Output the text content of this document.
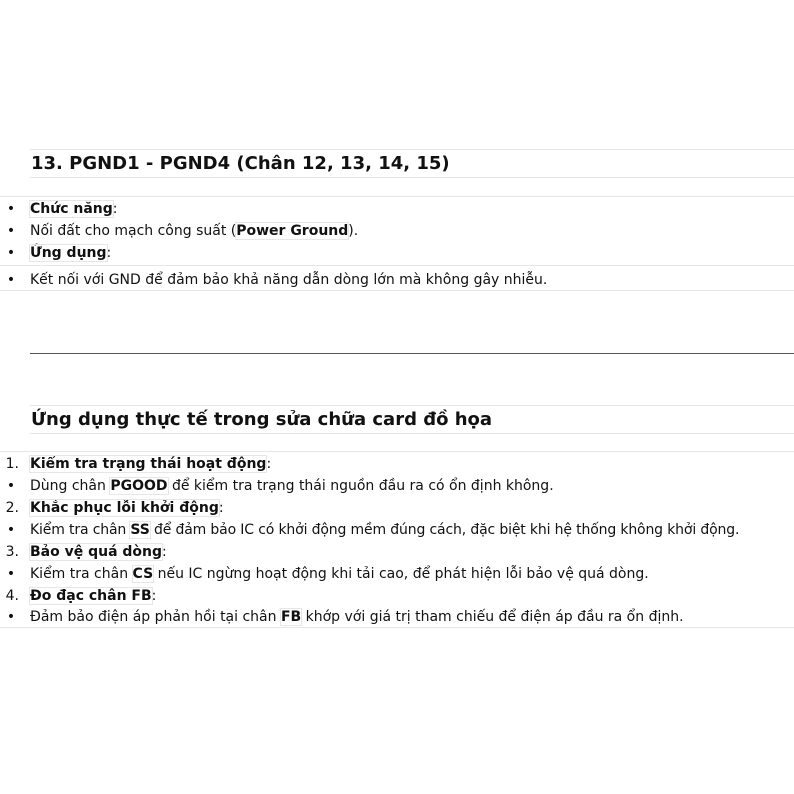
13. PGND1 - PGND4 (Chân 12, 13, 14, 15)
•	Chức năng:
•	Nối đất cho mạch công suất (Power Ground).
•	Ứng dụng:
•	Kết nối với GND để đảm bảo khả năng dẫn dòng lớn mà không gây nhiễu.
Ứng dụng thực tế trong sửa chữa card đồ họa
1. Kiểm tra trạng thái hoạt động:
•	Dùng chân PGOOD để kiểm tra trạng thái nguồn đầu ra có ổn định không.
2. Khắc phục lỗi khởi động:
•	Kiểm tra chân SS để đảm bảo IC có khởi động mềm đúng cách, đặc biệt khi hệ thống không khởi động.
3. Bảo vệ quá dòng:
•	Kiểm tra chân CS nếu IC ngừng hoạt động khi tải cao, để phát hiện lỗi bảo vệ quá dòng.
4. Đo đạc chân FB:
•	Đảm bảo điện áp phản hồi tại chân FB khớp với giá trị tham chiếu để điện áp đầu ra ổn định.
